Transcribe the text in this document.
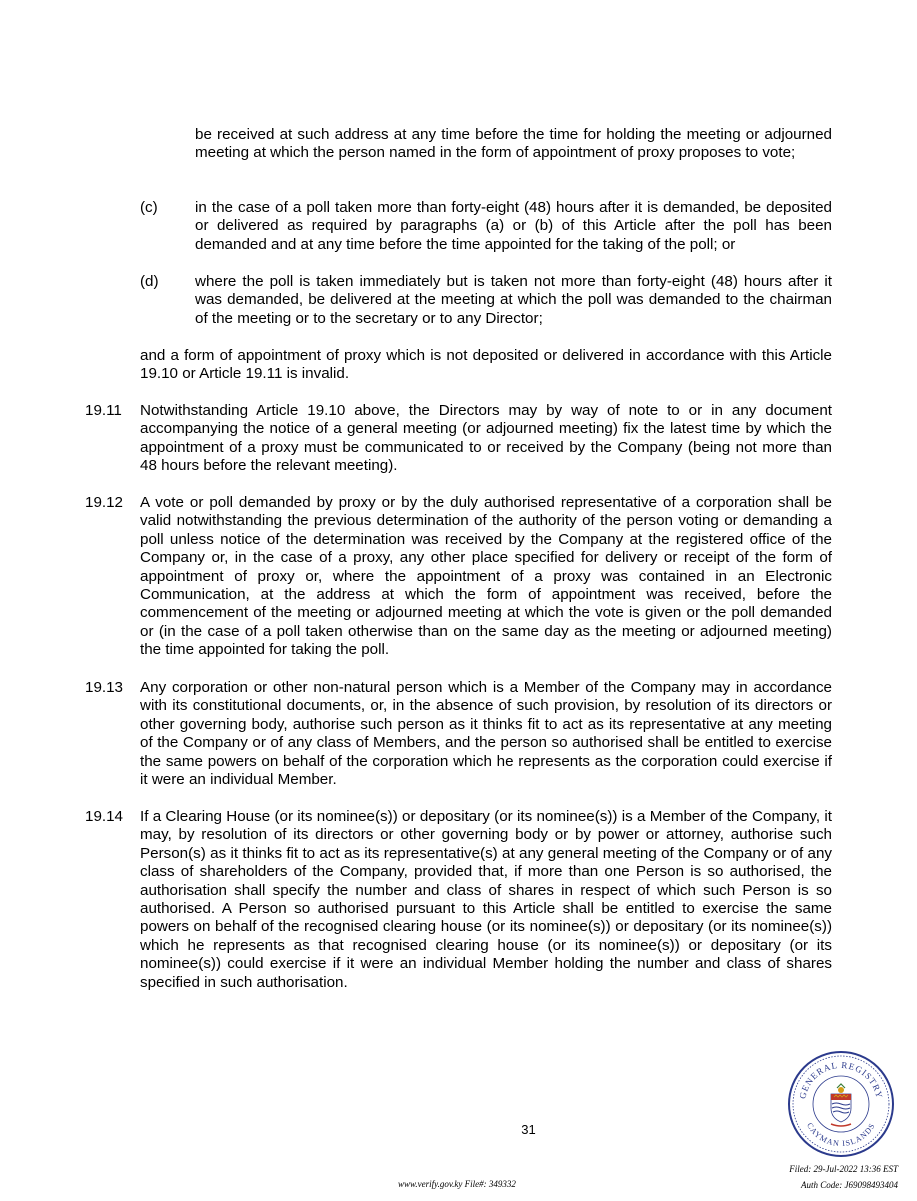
be received at such address at any time before the time for holding the meeting or adjourned meeting at which the person named in the form of appointment of proxy proposes to vote;

(c) in the case of a poll taken more than forty-eight (48) hours after it is demanded, be deposited or delivered as required by paragraphs (a) or (b) of this Article after the poll has been demanded and at any time before the time appointed for the taking of the poll; or

(d) where the poll is taken immediately but is taken not more than forty-eight (48) hours after it was demanded, be delivered at the meeting at which the poll was demanded to the chairman of the meeting or to the secretary or to any Director;

and a form of appointment of proxy which is not deposited or delivered in accordance with this Article 19.10 or Article 19.11 is invalid.

19.11 Notwithstanding Article 19.10 above, the Directors may by way of note to or in any document accompanying the notice of a general meeting (or adjourned meeting) fix the latest time by which the appointment of a proxy must be communicated to or received by the Company (being not more than 48 hours before the relevant meeting).

19.12 A vote or poll demanded by proxy or by the duly authorised representative of a corporation shall be valid notwithstanding the previous determination of the authority of the person voting or demanding a poll unless notice of the determination was received by the Company at the registered office of the Company or, in the case of a proxy, any other place specified for delivery or receipt of the form of appointment of proxy or, where the appointment of a proxy was contained in an Electronic Communication, at the address at which the form of appointment was received, before the commencement of the meeting or adjourned meeting at which the vote is given or the poll demanded or (in the case of a poll taken otherwise than on the same day as the meeting or adjourned meeting) the time appointed for taking the poll.

19.13 Any corporation or other non-natural person which is a Member of the Company may in accordance with its constitutional documents, or, in the absence of such provision, by resolution of its directors or other governing body, authorise such person as it thinks fit to act as its representative at any meeting of the Company or of any class of Members, and the person so authorised shall be entitled to exercise the same powers on behalf of the corporation which he represents as the corporation could exercise if it were an individual Member.

19.14 If a Clearing House (or its nominee(s)) or depositary (or its nominee(s)) is a Member of the Company, it may, by resolution of its directors or other governing body or by power or attorney, authorise such Person(s) as it thinks fit to act as its representative(s) at any general meeting of the Company or of any class of shareholders of the Company, provided that, if more than one Person is so authorised, the authorisation shall specify the number and class of shares in respect of which such Person is so authorised. A Person so authorised pursuant to this Article shall be entitled to exercise the same powers on behalf of the recognised clearing house (or its nominee(s)) or depositary (or its nominee(s)) which he represents as that recognised clearing house (or its nominee(s)) or depositary (or its nominee(s)) could exercise if it were an individual Member holding the number and class of shares specified in such authorisation.

31
GENERAL REGISTRY
CAYMAN ISLANDS
www.verify.gov.ky File#: 349332
Filed: 29-Jul-2022 13:36 EST
Auth Code: J69098493404
